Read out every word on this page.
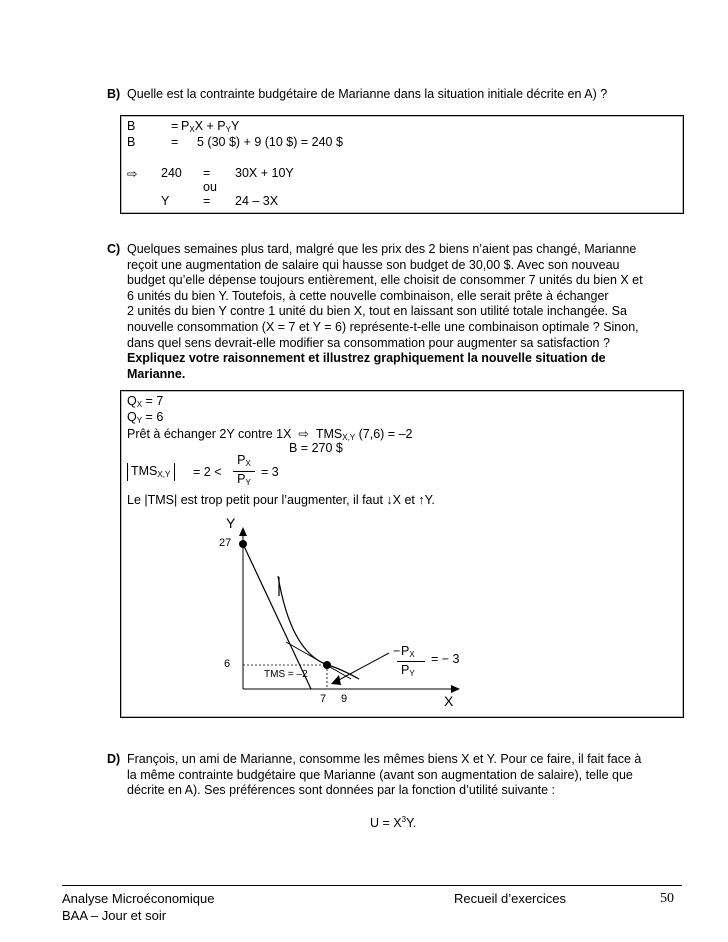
B) Quelle est la contrainte budgétaire de Marianne dans la situation initiale décrite en A) ?
B	= $P_XX + P_YY$
B	= 5 (30 $) + 9 (10 $) = 240 $
⇨ 240 = 30X + 10Y
ou
Y	= 24 – 3X
C) Quelques semaines plus tard, malgré que les prix des 2 biens n’aient pas changé, Marianne
reçoit une augmentation de salaire qui hausse son budget de 30,00 $. Avec son nouveau
budget qu’elle dépense toujours entièrement, elle choisit de consommer 7 unités du bien X et
6 unités du bien Y. Toutefois, à cette nouvelle combinaison, elle serait prête à échanger
2 unités du bien Y contre 1 unité du bien X, tout en laissant son utilité totale inchangée. Sa
nouvelle consommation (X = 7 et Y = 6) représente-t-elle une combinaison optimale ? Sinon,
dans quel sens devrait-elle modifier sa consommation pour augmenter sa satisfaction ?
Expliquez votre raisonnement et illustrez graphiquement la nouvelle situation de
Marianne.
$Q_X = 7$
$Q_Y = 6$
Prêt à échanger 2Y contre 1X ⇨ $TMS_{X,Y}$ (7,6) = –2
B = 270 $
$TMS_{X,Y}$	= 2 <
$P_X$
$P_Y$
= 3
Le |TMS| est trop petit pour l’augmenter, il faut ↓X et ↑Y.
Y
27
6
7 9	X
TMS = –2
− $P_X$
$P_Y$
= − 3
D) François, un ami de Marianne, consomme les mêmes biens X et Y. Pour ce faire, il fait face à
la même contrainte budgétaire que Marianne (avant son augmentation de salaire), telle que
décrite en A). Ses préférences sont données par la fonction d’utilité suivante :
$U = X^3Y$.
Analyse Microéconomique
BAA – Jour et soir
Recueil d’exercices	50
